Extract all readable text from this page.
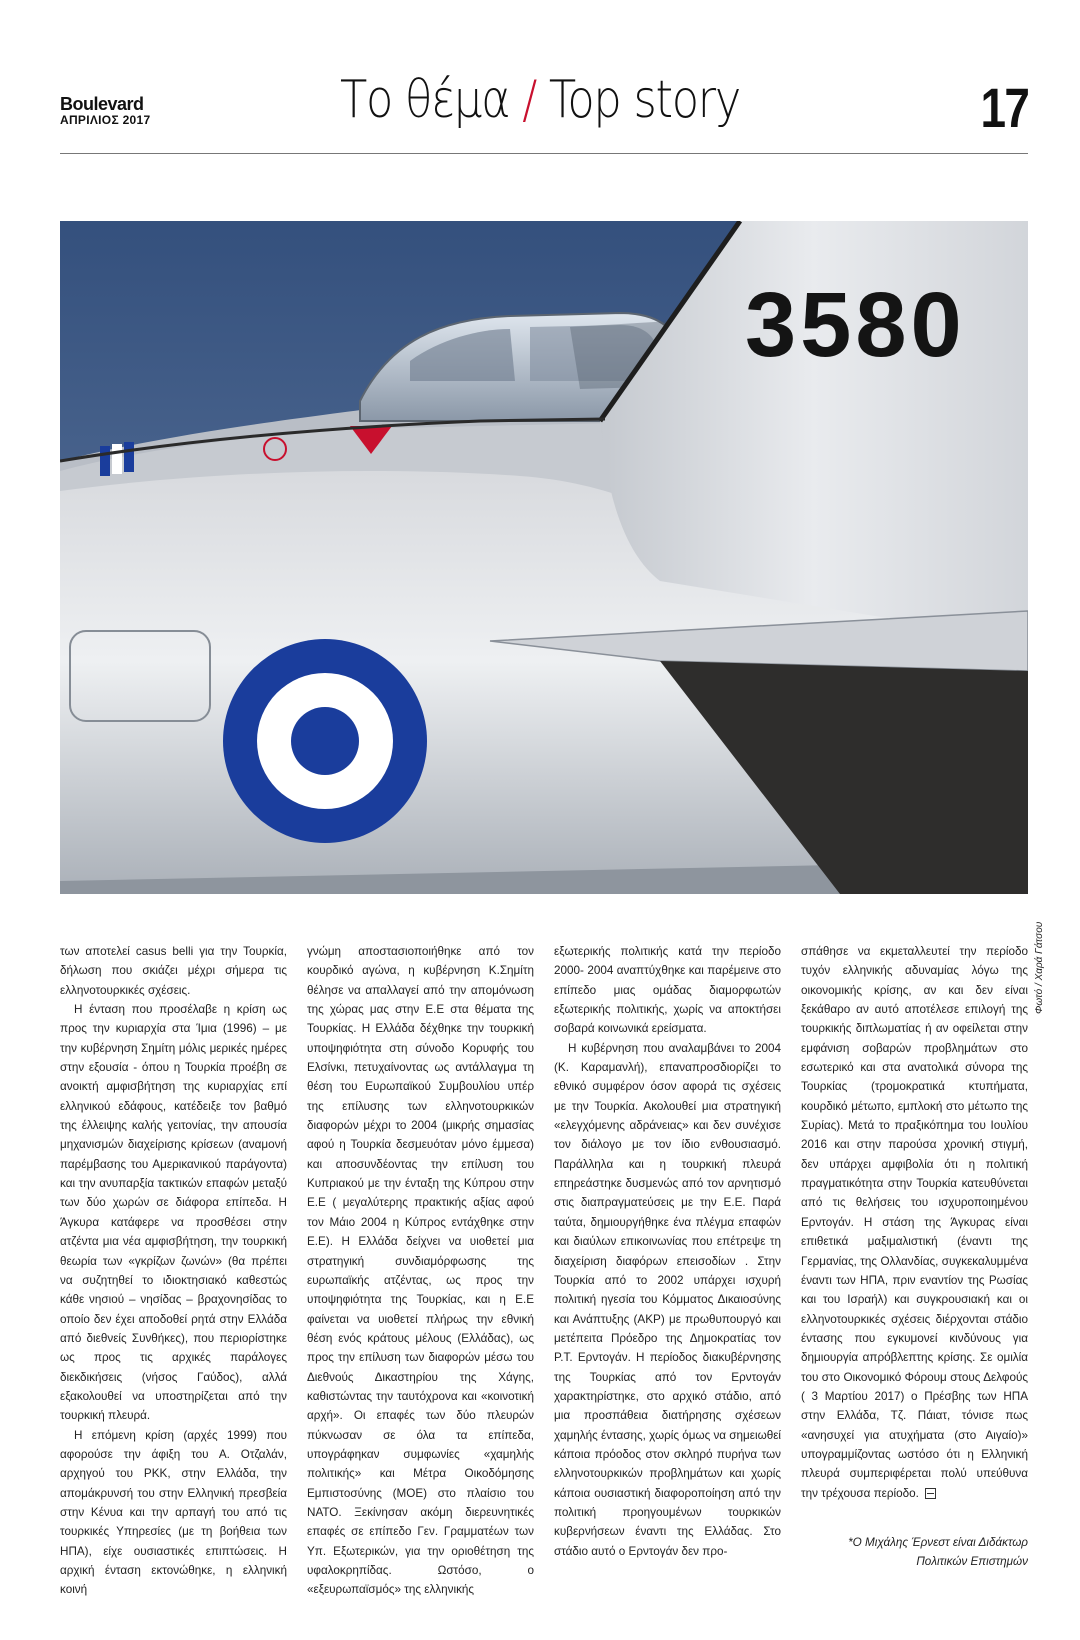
Boulevard
ΑΠΡΙΛΙΟΣ 2017	Το θέμα / Top story	17
3580
Φωτό / Χαρά Γάτσου

των αποτελεί casus belli για την Τουρκία, δήλωση που σκιάζει μέχρι σήμερα τις ελληνοτουρκικές σχέσεις.

Η ένταση που προσέλαβε η κρίση ως προς την κυριαρχία στα Ίμια (1996) – με την κυβέρνηση Σημίτη μόλις μερικές ημέρες στην εξουσία - όπου η Τουρκία προέβη σε ανοικτή αμφισβήτηση της κυριαρχίας επί ελληνικού εδάφους, κατέδειξε τον βαθμό της έλλειψης καλής γειτονίας, την απουσία μηχανισμών διαχείρισης κρίσεων (αναμονή παρέμβασης του Αμερικανικού παράγοντα) και την ανυπαρξία τακτικών επαφών μεταξύ των δύο χωρών σε διάφορα επίπεδα. Η Άγκυρα κατάφερε να προσθέσει στην ατζέντα μια νέα αμφισβήτηση, την τουρκική θεωρία των «γκρίζων ζωνών» (θα πρέπει να συζητηθεί το ιδιοκτησιακό καθεστώς κάθε νησιού – νησίδας – βραχονησίδας το οποίο δεν έχει αποδοθεί ρητά στην Ελλάδα από διεθνείς Συνθήκες), που περιορίστηκε ως προς τις αρχικές παράλογες διεκδικήσεις (νήσος Γαύδος), αλλά εξακολουθεί να υποστηρίζεται από την τουρκική πλευρά.

Η επόμενη κρίση (αρχές 1999) που αφορούσε την άφιξη του Α. Οτζαλάν, αρχηγού του ΡΚΚ, στην Ελλάδα, την απομάκρυνσή του στην Ελληνική πρεσβεία στην Κένυα και την αρπαγή του από τις τουρκικές Υπηρεσίες (με τη βοήθεια των ΗΠΑ), είχε ουσιαστικές επιπτώσεις. Η αρχική ένταση εκτονώθηκε, η ελληνική κοινή

γνώμη αποστασιοποιήθηκε από τον κουρδικό αγώνα, η κυβέρνηση Κ.Σημίτη θέλησε να απαλλαγεί από την απομόνωση της χώρας μας στην Ε.Ε στα θέματα της Τουρκίας. Η Ελλάδα δέχθηκε την τουρκική υποψηφιότητα στη σύνοδο Κορυφής του Ελσίνκι, πετυχαίνοντας ως αντάλλαγμα τη θέση του Ευρωπαϊκού Συμβουλίου υπέρ της επίλυσης των ελληνοτουρκικών διαφορών μέχρι το 2004 (μικρής σημασίας αφού η Τουρκία δεσμευόταν μόνο έμμεσα) και αποσυνδέοντας την επίλυση του Κυπριακού με την ένταξη της Κύπρου στην Ε.Ε ( μεγαλύτερης πρακτικής αξίας αφού τον Μάιο 2004 η Κύπρος εντάχθηκε στην Ε.Ε). Η Ελλάδα δείχνει να υιοθετεί μια στρατηγική συνδιαμόρφωσης της ευρωπαϊκής ατζέντας, ως προς την υποψηφιότητα της Τουρκίας, και η Ε.Ε φαίνεται να υιοθετεί πλήρως την εθνική θέση ενός κράτους μέλους (Ελλάδας), ως προς την επίλυση των διαφορών μέσω του Διεθνούς Δικαστηρίου της Χάγης, καθιστώντας την ταυτόχρονα και «κοινοτική αρχή». Οι επαφές των δύο πλευρών πύκνωσαν σε όλα τα επίπεδα, υπογράφηκαν συμφωνίες «χαμηλής πολιτικής» και Μέτρα Οικοδόμησης Εμπιστοσύνης (ΜΟΕ) στο πλαίσιο του ΝΑΤΟ. Ξεκίνησαν ακόμη διερευνητικές επαφές σε επίπεδο Γεν. Γραμματέων των Υπ. Εξωτερικών, για την οριοθέτηση της υφαλοκρηπίδας. Ωστόσο, ο «εξευρωπαϊσμός» της ελληνικής

εξωτερικής πολιτικής κατά την περίοδο 2000- 2004 αναπτύχθηκε και παρέμεινε στο επίπεδο μιας ομάδας διαμορφωτών εξωτερικής πολιτικής, χωρίς να αποκτήσει σοβαρά κοινωνικά ερείσματα.

Η κυβέρνηση που αναλαμβάνει το 2004 (Κ. Καραμανλή), επαναπροσδιορίζει το εθνικό συμφέρον όσον αφορά τις σχέσεις με την Τουρκία. Ακολουθεί μια στρατηγική «ελεγχόμενης αδράνειας» και δεν συνέχισε τον διάλογο με τον ίδιο ενθουσιασμό. Παράλληλα και η τουρκική πλευρά επηρεάστηκε δυσμενώς από τον αρνητισμό στις διαπραγματεύσεις με την Ε.Ε. Παρά ταύτα, δημιουργήθηκε ένα πλέγμα επαφών και διαύλων επικοινωνίας που επέτρεψε τη διαχείριση διαφόρων επεισοδίων . Στην Τουρκία από το 2002 υπάρχει ισχυρή πολιτική ηγεσία του Κόμματος Δικαιοσύνης και Ανάπτυξης (ΑΚΡ) με πρωθυπουργό και μετέπειτα Πρόεδρο της Δημοκρατίας τον Ρ.Τ. Ερντογάν. Η περίοδος διακυβέρνησης της Τουρκίας από τον Ερντογάν χαρακτηρίστηκε, στο αρχικό στάδιο, από μια προσπάθεια διατήρησης σχέσεων χαμηλής έντασης, χωρίς όμως να σημειωθεί κάποια πρόοδος στον σκληρό πυρήνα των ελληνοτουρκικών προβλημάτων και χωρίς κάποια ουσιαστική διαφοροποίηση από την πολιτική προηγουμένων τουρκικών κυβερνήσεων έναντι της Ελλάδας. Στο στάδιο αυτό ο Ερντογάν δεν προ-

σπάθησε να εκμεταλλευτεί την περίοδο τυχόν ελληνικής αδυναμίας λόγω της οικονομικής κρίσης, αν και δεν είναι ξεκάθαρο αν αυτό αποτέλεσε επιλογή της τουρκικής διπλωματίας ή αν οφείλεται στην εμφάνιση σοβαρών προβλημάτων στο εσωτερικό και στα ανατολικά σύνορα της Τουρκίας (τρομοκρατικά κτυπήματα, κουρδικό μέτωπο, εμπλοκή στο μέτωπο της Συρίας). Μετά το πραξικόπημα του Ιουλίου 2016 και στην παρούσα χρονική στιγμή, δεν υπάρχει αμφιβολία ότι η πολιτική πραγματικότητα στην Τουρκία κατευθύνεται από τις θελήσεις του ισχυροποιημένου Ερντογάν. Η στάση της Άγκυρας είναι επιθετικά μαξιμαλιστική (έναντι της Γερμανίας, της Ολλανδίας, συγκεκαλυμμένα έναντι των ΗΠΑ, πριν εναντίον της Ρωσίας και του Ισραήλ) και συγκρουσιακή και οι ελληνοτουρκικές σχέσεις διέρχονται στάδιο έντασης που εγκυμονεί κινδύνους για δημιουργία απρόβλεπτης κρίσης. Σε ομιλία του στο Οικονομικό Φόρουμ στους Δελφούς ( 3 Μαρτίου 2017) ο Πρέσβης των ΗΠΑ στην Ελλάδα, Τζ. Πάιατ, τόνισε πως «ανησυχεί για ατυχήματα (στο Αιγαίο)» υπογραμμίζοντας ωστόσο ότι η Ελληνική πλευρά συμπεριφέρεται πολύ υπεύθυνα την τρέχουσα περίοδο.

*Ο Μιχάλης Έρνεστ είναι Διδάκτωρ
Πολιτικών Επιστημών
